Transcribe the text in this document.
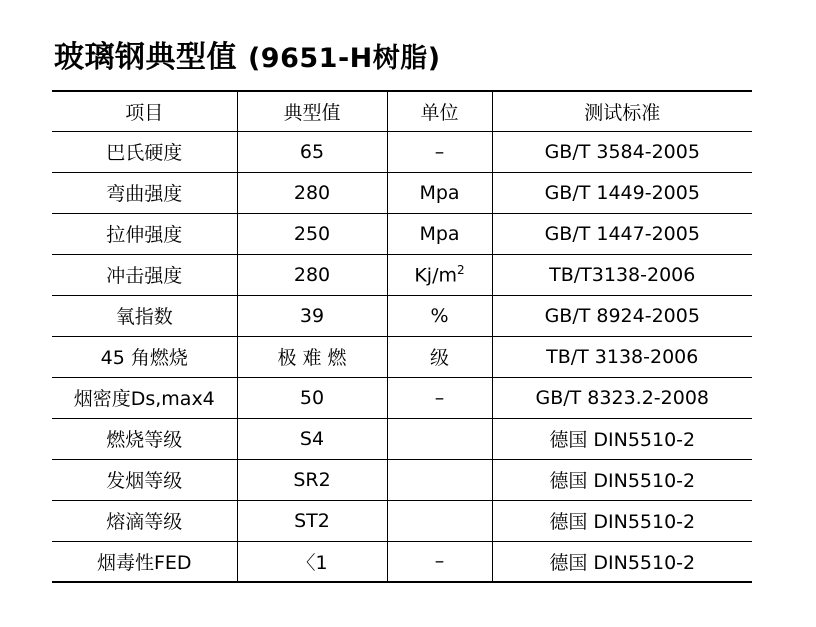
玻璃钢典型值 (9651-H树脂)
项目	典型值	单位	测试标准
巴氏硬度	65	–	GB/T 3584-2005
弯曲强度	280	Mpa	GB/T 1449-2005
拉伸强度	250	Mpa	GB/T 1447-2005
冲击强度	280	$Kj/m^2$	TB/T3138-2006
氧指数	39	%	GB/T 8924-2005
45 角燃烧	极 难 燃	级	TB/T 3138-2006
烟密度Ds,max4	50	–	GB/T 8323.2-2008
燃烧等级	S4		德国 DIN5510-2
发烟等级	SR2		德国 DIN5510-2
熔滴等级	ST2		德国 DIN5510-2
烟毒性FED	〈1	–	德国 DIN5510-2
